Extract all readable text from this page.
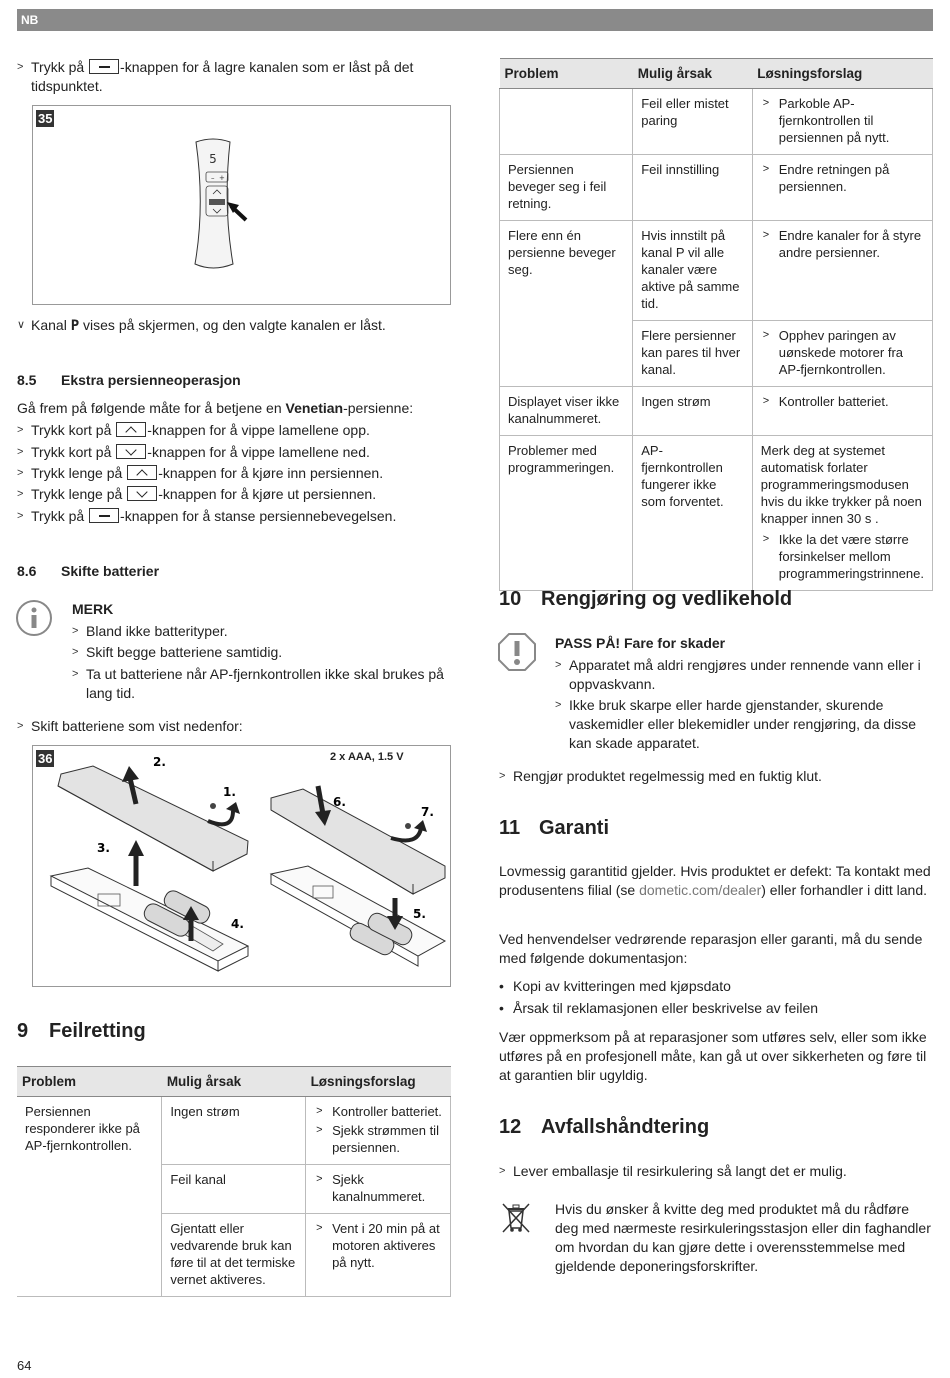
NB
> Trykk på -knappen for å lagre kanalen som er låst på det tidspunktet.
35
5
– +
∨ Kanal P vises på skjermen, og den valgte kanalen er låst.
8.5 Ekstra persienneoperasjon
Gå frem på følgende måte for å betjene en Venetian-persienne:
> Trykk kort på -knappen for å vippe lamellene opp.
> Trykk kort på -knappen for å vippe lamellene ned.
> Trykk lenge på -knappen for å kjøre inn persiennen.
> Trykk lenge på -knappen for å kjøre ut persiennen.
> Trykk på -knappen for å stanse persiennebevegelsen.
8.6 Skifte batterier
MERK
> Bland ikke batterityper.
> Skift begge batteriene samtidig.
> Ta ut batteriene når AP-fjernkontrollen ikke skal brukes på lang tid.
> Skift batteriene som vist nedenfor:
36	2 x AAA, 1.5 V
2.
1.
3.
4.
6.
7.
5.
9 Feilretting
Problem	Mulig årsak	Løsningsforslag
Persiennen responderer ikke på AP-fjernkontrollen.	Ingen strøm	> Kontroller batteriet.
> Sjekk strømmen til persiennen.

	Feil kanal	> Sjekk kanalnummeret.

	Gjentatt eller vedvarende bruk kan føre til at det termiske vernet aktiveres.	> Vent i 20 min på at motoren aktiveres på nytt.
64
Problem	Mulig årsak	Løsningsforslag
	Feil eller mistet paring	> Parkoble AP-fjernkontrollen til persiennen på nytt.

Persiennen beveger seg i feil retning.	Feil innstilling	> Endre retningen på persiennen.

Flere enn én persienne beveger seg.	Hvis innstilt på kanal P vil alle kanaler være aktive på samme tid.	> Endre kanaler for å styre andre persienner.

	Flere persienner kan pares til hver kanal.	> Opphev paringen av uønskede motorer fra AP-fjernkontrollen.

Displayet viser ikke kanalnummeret.	Ingen strøm	> Kontroller batteriet.

Problemer med programmeringen.	AP-fjernkontrollen fungerer ikke som forventet.	Merk deg at systemet automatisk forlater programmeringsmodusen hvis du ikke trykker på noen knapper innen 30 s .
> Ikke la det være større forsinkelser mellom programmeringstrinnene.
10 Rengjøring og vedlikehold
PASS PÅ! Fare for skader
> Apparatet må aldri rengjøres under rennende vann eller i oppvaskvann.
> Ikke bruk skarpe eller harde gjenstander, skurende vaskemidler eller blekemidler under rengjøring, da disse kan skade apparatet.
> Rengjør produktet regelmessig med en fuktig klut.
11 Garanti
Lovmessig garantitid gjelder. Hvis produktet er defekt: Ta kontakt med produsentens filial (se dometic.com/dealer) eller forhandler i ditt land.
Ved henvendelser vedrørende reparasjon eller garanti, må du sende med følgende dokumentasjon:
• Kopi av kvitteringen med kjøpsdato
• Årsak til reklamasjonen eller beskrivelse av feilen
Vær oppmerksom på at reparasjoner som utføres selv, eller som ikke utføres på en profesjonell måte, kan gå ut over sikkerheten og føre til at garantien blir ugyldig.
12 Avfallshåndtering
> Lever emballasje til resirkulering så langt det er mulig.
Hvis du ønsker å kvitte deg med produktet må du rådføre deg med nærmeste resirkuleringsstasjon eller din faghandler om hvordan du kan gjøre dette i overensstemmelse med gjeldende deponeringsforskrifter.
